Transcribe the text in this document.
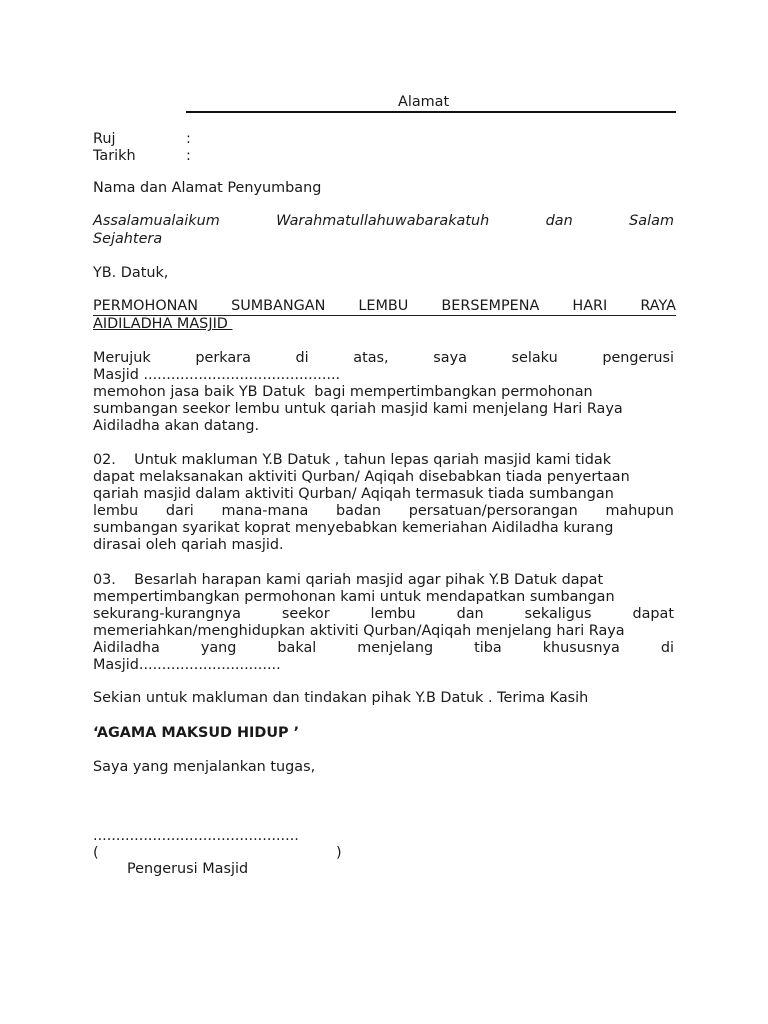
Alamat
Ruj	:
Tarikh	:
Nama dan Alamat Penyumbang
Assalamualaikum	Warahmatullahuwabarakatuh	dan	Salam
Sejahtera
YB. Datuk,
PERMOHONAN SUMBANGAN LEMBU BERSEMPENA HARI RAYA
AIDILADHA MASJID
Merujuk	perkara	di	atas,	saya	selaku	pengerusi
Masjid ...........................................
memohon jasa baik YB Datuk  bagi mempertimbangkan permohonan
sumbangan seekor lembu untuk qariah masjid kami menjelang Hari Raya
Aidiladha akan datang.
02.    Untuk makluman Y.B Datuk , tahun lepas qariah masjid kami tidak
dapat melaksanakan aktiviti Qurban/ Aqiqah disebabkan tiada penyertaan
qariah masjid dalam aktiviti Qurban/ Aqiqah termasuk tiada sumbangan
lembu dari mana-mana badan persatuan/persorangan mahupun
sumbangan syarikat koprat menyebabkan kemeriahan Aidiladha kurang
dirasai oleh qariah masjid.
03.    Besarlah harapan kami qariah masjid agar pihak Y.B Datuk dapat
mempertimbangkan permohonan kami untuk mendapatkan sumbangan
sekurang-kurangnya	seekor	lembu	dan	sekaligus	dapat
memeriahkan/menghidupkan aktiviti Qurban/Aqiqah menjelang hari Raya
Aidiladha	yang	bakal	menjelang	tiba	khususnya	di
Masjid...............................
Sekian untuk makluman dan tindakan pihak Y.B Datuk . Terima Kasih
‘AGAMA MAKSUD HIDUP ’
Saya yang menjalankan tugas,
.............................................
(	)
Pengerusi Masjid
